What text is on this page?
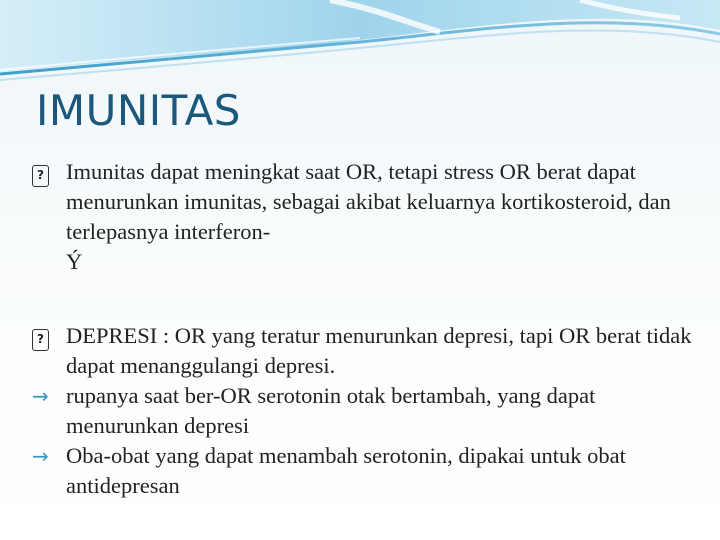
IMUNITAS

? Imunitas dapat meningkat saat OR, tetapi stress OR berat dapat menurunkan imunitas, sebagai akibat keluarnya kortikosteroid, dan terlepasnya interferon-
Ý

? DEPRESI : OR yang teratur menurunkan depresi, tapi OR berat tidak dapat menanggulangi depresi.

→ rupanya saat ber-OR serotonin otak bertambah, yang dapat menurunkan depresi

→ Oba-obat yang dapat menambah serotonin, dipakai untuk obat antidepresan
